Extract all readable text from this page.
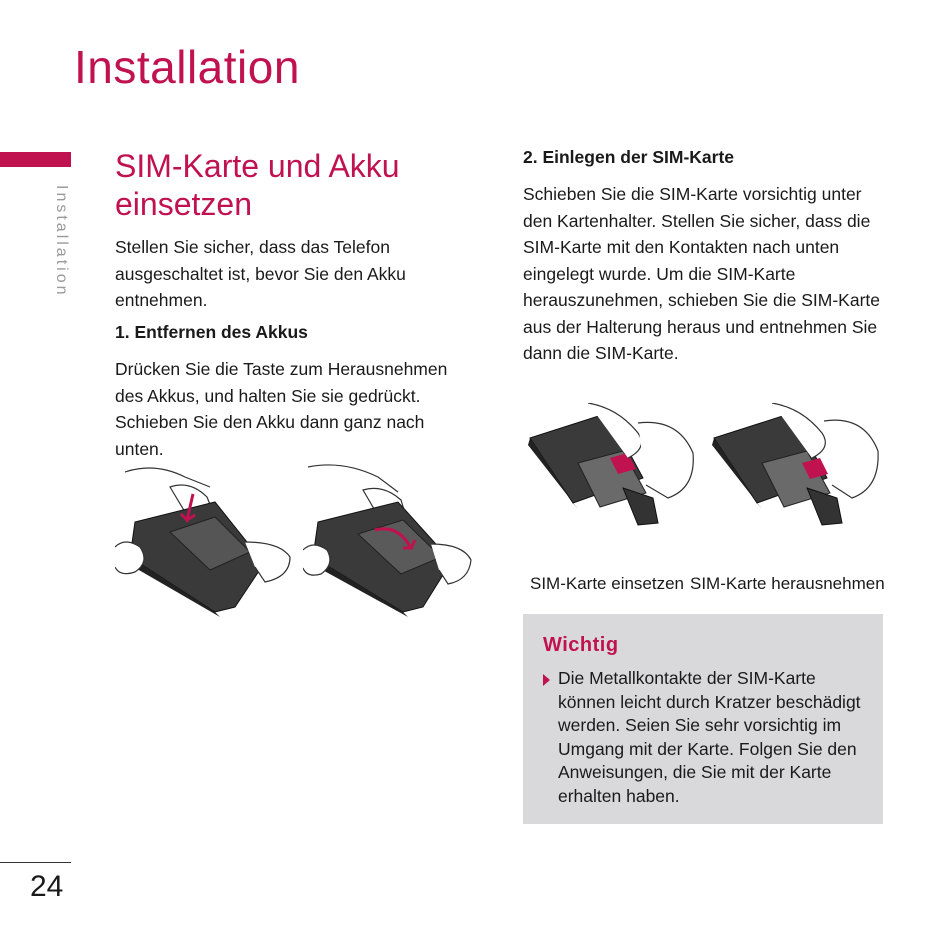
Installation
Installation
SIM-Karte und Akku einsetzen
Stellen Sie sicher, dass das Telefon ausgeschaltet ist, bevor Sie den Akku entnehmen.
1. Entfernen des Akkus
Drücken Sie die Taste zum Herausnehmen des Akkus, und halten Sie sie gedrückt. Schieben Sie den Akku dann ganz nach unten.
2. Einlegen der SIM-Karte
Schieben Sie die SIM-Karte vorsichtig unter den Kartenhalter. Stellen Sie sicher, dass die SIM-Karte mit den Kontakten nach unten eingelegt wurde. Um die SIM-Karte herauszunehmen, schieben Sie die SIM-Karte aus der Halterung heraus und entnehmen Sie dann die SIM-Karte.
SIM-Karte einsetzen SIM-Karte herausnehmen
Wichtig
Die Metallkontakte der SIM-Karte können leicht durch Kratzer beschädigt werden. Seien Sie sehr vorsichtig im Umgang mit der Karte. Folgen Sie den Anweisungen, die Sie mit der Karte erhalten haben.
24
